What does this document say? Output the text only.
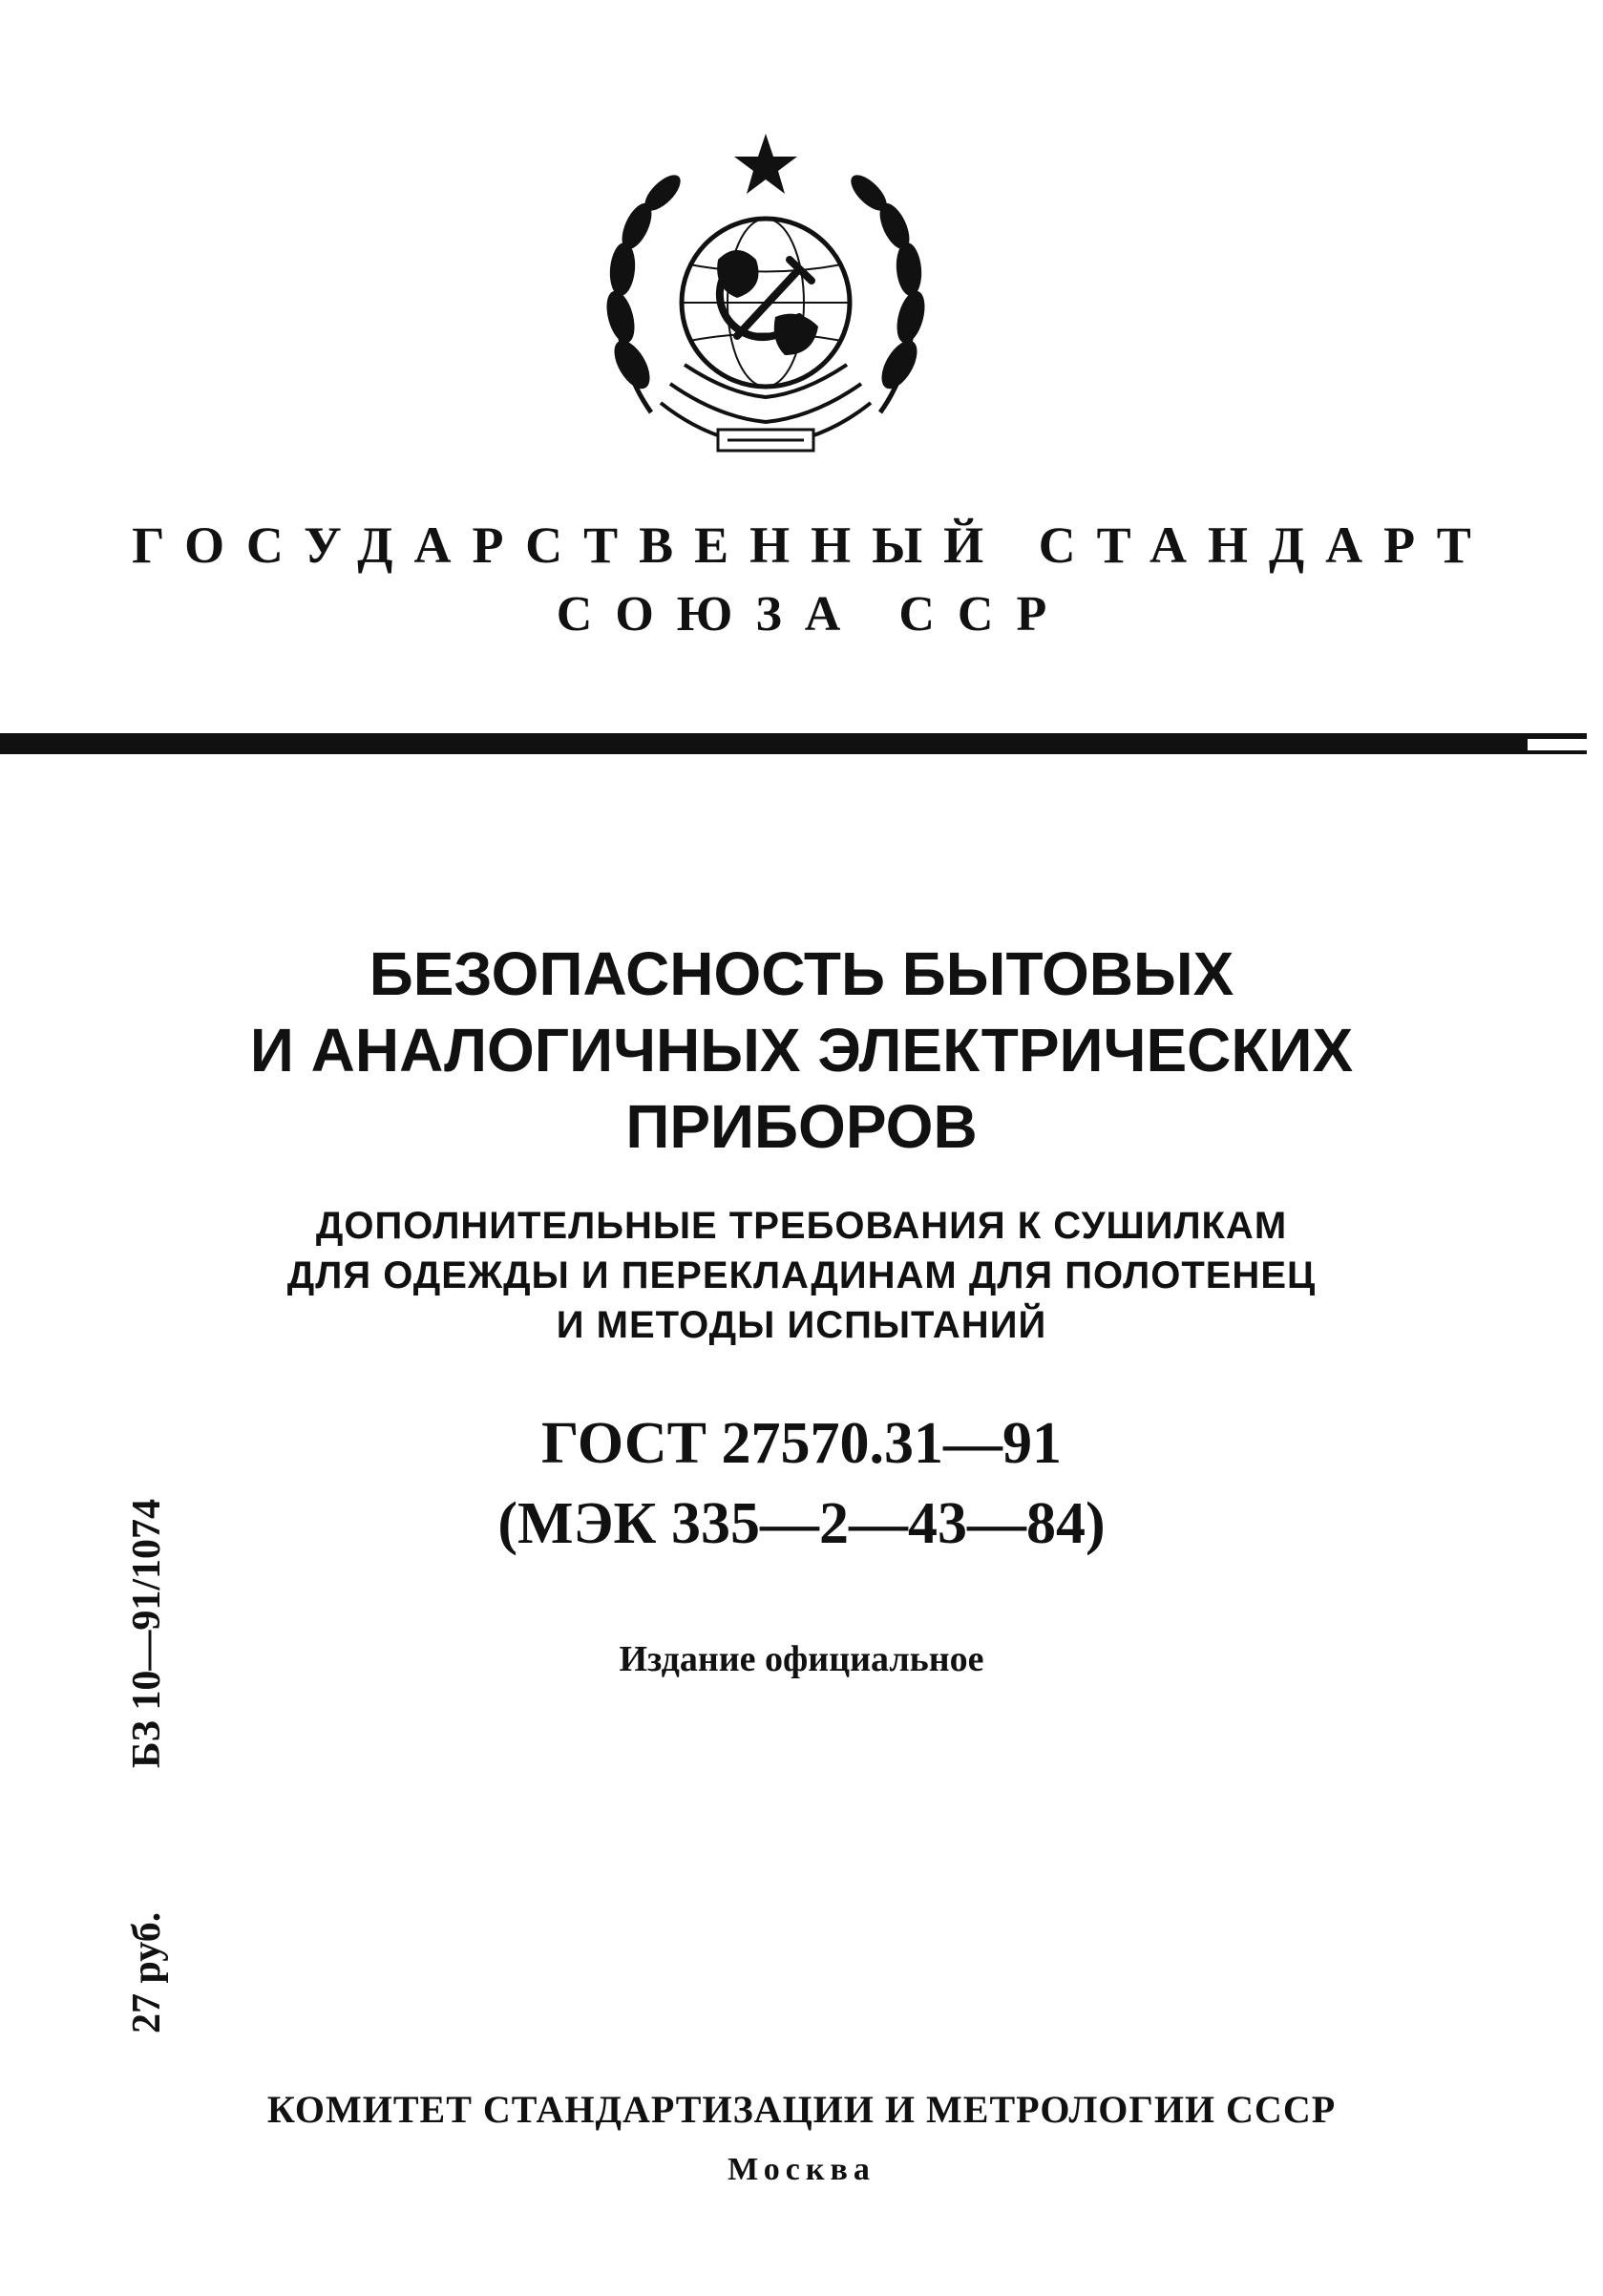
ГОСУДАРСТВЕННЫЙ СТАНДАРТ
СОЮЗА ССР
БЕЗОПАСНОСТЬ БЫТОВЫХ
И АНАЛОГИЧНЫХ ЭЛЕКТРИЧЕСКИХ
ПРИБОРОВ
ДОПОЛНИТЕЛЬНЫЕ ТРЕБОВАНИЯ К СУШИЛКАМ
ДЛЯ ОДЕЖДЫ И ПЕРЕКЛАДИНАМ ДЛЯ ПОЛОТЕНЕЦ
И МЕТОДЫ ИСПЫТАНИЙ
ГОСТ 27570.31—91
(МЭК 335—2—43—84)
Издание официальное
27 руб.
БЗ 10—91/1074
КОМИТЕТ СТАНДАРТИЗАЦИИ И МЕТРОЛОГИИ СССР
Москва
